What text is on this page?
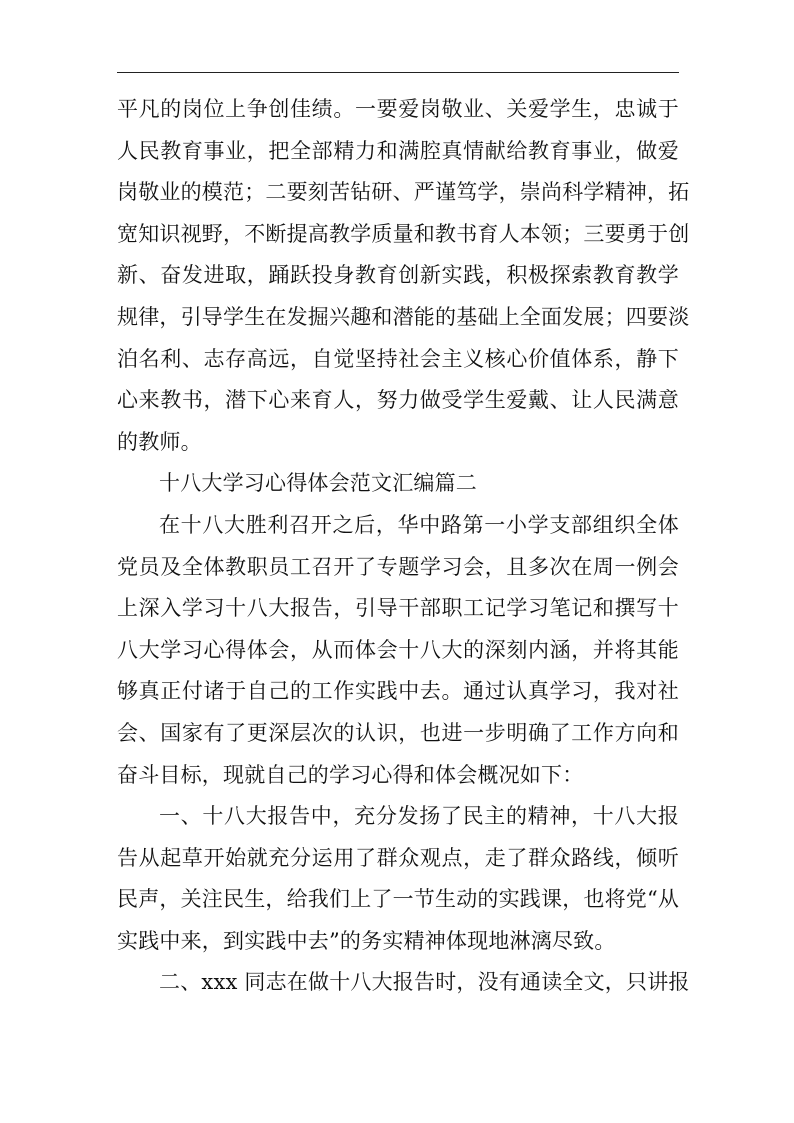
平凡的岗位上争创佳绩。一要爱岗敬业、关爱学生，忠诚于
人民教育事业，把全部精力和满腔真情献给教育事业，做爱
岗敬业的模范；二要刻苦钻研、严谨笃学，崇尚科学精神，拓
宽知识视野，不断提高教学质量和教书育人本领；三要勇于创
新、奋发进取，踊跃投身教育创新实践，积极探索教育教学
规律，引导学生在发掘兴趣和潜能的基础上全面发展；四要淡
泊名利、志存高远，自觉坚持社会主义核心价值体系，静下
心来教书，潜下心来育人，努力做受学生爱戴、让人民满意
的教师。
十八大学习心得体会范文汇编篇二
在十八大胜利召开之后，华中路第一小学支部组织全体
党员及全体教职员工召开了专题学习会，且多次在周一例会
上深入学习十八大报告，引导干部职工记学习笔记和撰写十
八大学习心得体会，从而体会十八大的深刻内涵，并将其能
够真正付诸于自己的工作实践中去。通过认真学习，我对社
会、国家有了更深层次的认识，也进一步明确了工作方向和
奋斗目标，现就自己的学习心得和体会概况如下：
一、十八大报告中，充分发扬了民主的精神，十八大报
告从起草开始就充分运用了群众观点，走了群众路线，倾听
民声，关注民生，给我们上了一节生动的实践课，也将党“从
实践中来，到实践中去”的务实精神体现地淋漓尽致。
二、xxx 同志在做十八大报告时，没有通读全文，只讲报
